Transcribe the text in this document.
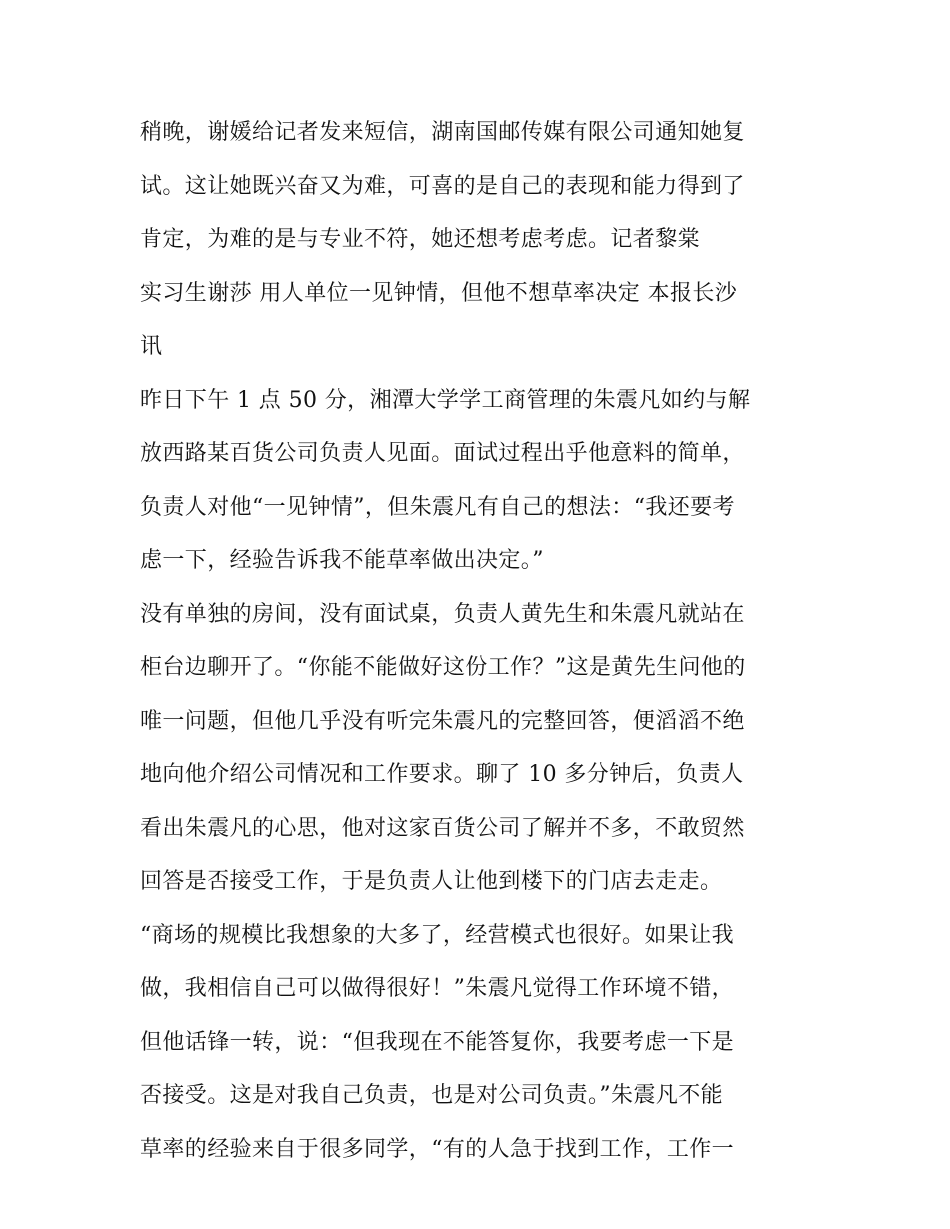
稍晚，谢媛给记者发来短信，湖南国邮传媒有限公司通知她复
试。这让她既兴奋又为难，可喜的是自己的表现和能力得到了
肯定，为难的是与专业不符，她还想考虑考虑。记者黎棠
实习生谢莎 用人单位一见钟情，但他不想草率决定 本报长沙
讯
昨日下午 1 点 50 分，湘潭大学学工商管理的朱震凡如约与解
放西路某百货公司负责人见面。面试过程出乎他意料的简单，
负责人对他“一见钟情”，但朱震凡有自己的想法：“我还要考
虑一下，经验告诉我不能草率做出决定。”
没有单独的房间，没有面试桌，负责人黄先生和朱震凡就站在
柜台边聊开了。“你能不能做好这份工作？”这是黄先生问他的
唯一问题，但他几乎没有听完朱震凡的完整回答，便滔滔不绝
地向他介绍公司情况和工作要求。聊了 10 多分钟后，负责人
看出朱震凡的心思，他对这家百货公司了解并不多，不敢贸然
回答是否接受工作，于是负责人让他到楼下的门店去走走。
“商场的规模比我想象的大多了，经营模式也很好。如果让我
做，我相信自己可以做得很好！”朱震凡觉得工作环境不错，
但他话锋一转，说：“但我现在不能答复你，我要考虑一下是
否接受。这是对我自己负责，也是对公司负责。”朱震凡不能
草率的经验来自于很多同学，“有的人急于找到工作，工作一
